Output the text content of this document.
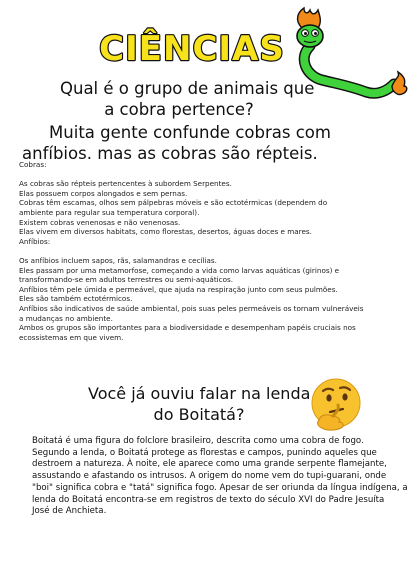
CIÊNCIAS
Qual é o grupo de animais que
a cobra pertence?
Muita gente confunde cobras com
anfíbios. mas as cobras são répteis.
Cobras:
As cobras são répteis pertencentes à subordem Serpentes.
Elas possuem corpos alongados e sem pernas.
Cobras têm escamas, olhos sem pálpebras móveis e são ectotérmicas (dependem do
ambiente para regular sua temperatura corporal).
Existem cobras venenosas e não venenosas.
Elas vivem em diversos habitats, como florestas, desertos, águas doces e mares.
Anfíbios:
Os anfíbios incluem sapos, rãs, salamandras e cecílias.
Eles passam por uma metamorfose, começando a vida como larvas aquáticas (girinos) e
transformando-se em adultos terrestres ou semi-aquáticos.
Anfíbios têm pele úmida e permeável, que ajuda na respiração junto com seus pulmões.
Eles são também ectotérmicos.
Anfíbios são indicativos de saúde ambiental, pois suas peles permeáveis os tornam vulneráveis
a mudanças no ambiente.
Ambos os grupos são importantes para a biodiversidade e desempenham papéis cruciais nos
ecossistemas em que vivem.
Você já ouviu falar na lenda
do Boitatá?
Boitatá é uma figura do folclore brasileiro, descrita como uma cobra de fogo.
Segundo a lenda, o Boitatá protege as florestas e campos, punindo aqueles que
destroem a natureza. À noite, ele aparece como uma grande serpente flamejante,
assustando e afastando os intrusos. A origem do nome vem do tupi-guarani, onde
"boi" significa cobra e "tatá" significa fogo. Apesar de ser oriunda da língua indígena, a
lenda do Boitatá encontra-se em registros de texto do século XVI do Padre Jesuíta
José de Anchieta.
